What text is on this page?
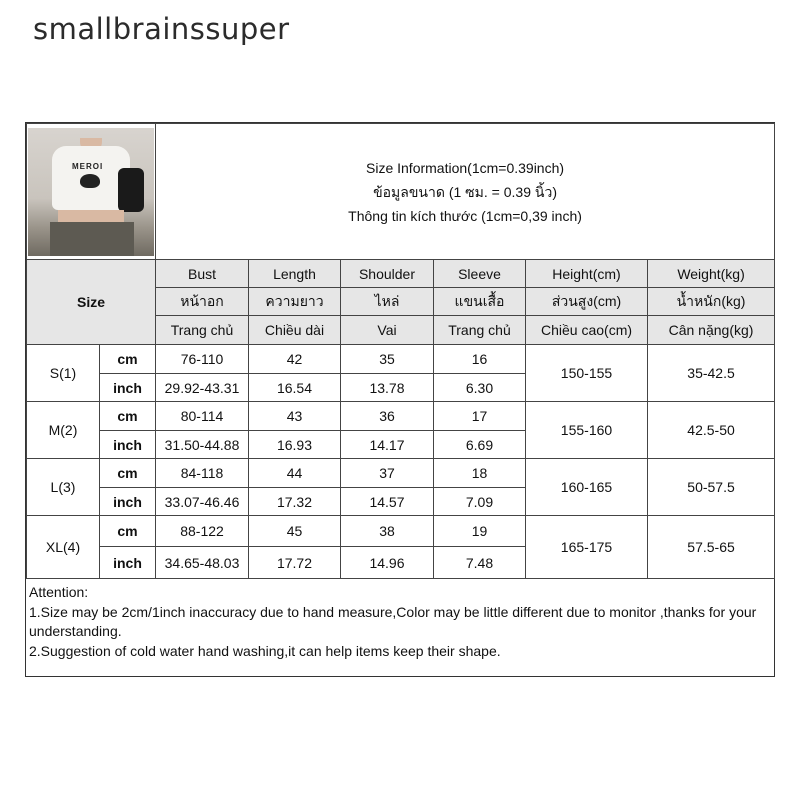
smallbrainssuper
MEROI		Size Information(1cm=0.39inch)
ข้อมูลขนาด (1 ซม. = 0.39 นิ้ว)
Thông tin kích thước (1cm=0,39 inch)					

Size		Bust	Length	Shoulder	Sleeve	Height(cm)	Weight(kg)
		หน้าอก	ความยาว	ไหล่	แขนเสื้อ	ส่วนสูง(cm)	น้ำหนัก(kg)
		Trang chủ	Chiều dài	Vai	Trang chủ	Chiều cao(cm)	Cân nặng(kg)
S(1)	cm	76-110	42	35	16	150-155	35-42.5
	inch	29.92-43.31	16.54	13.78	6.30		
M(2)	cm	80-114	43	36	17	155-160	42.5-50
	inch	31.50-44.88	16.93	14.17	6.69		
L(3)	cm	84-118	44	37	18	160-165	50-57.5
	inch	33.07-46.46	17.32	14.57	7.09		
XL(4)	cm	88-122	45	38	19	165-175	57.5-65
	inch	34.65-48.03	17.72	14.96	7.48		
Attention:
1.Size may be 2cm/1inch inaccuracy due to hand measure,Color may be little different due to monitor ,thanks for your understanding.
2.Suggestion of cold water hand washing,it can help items keep their shape.
